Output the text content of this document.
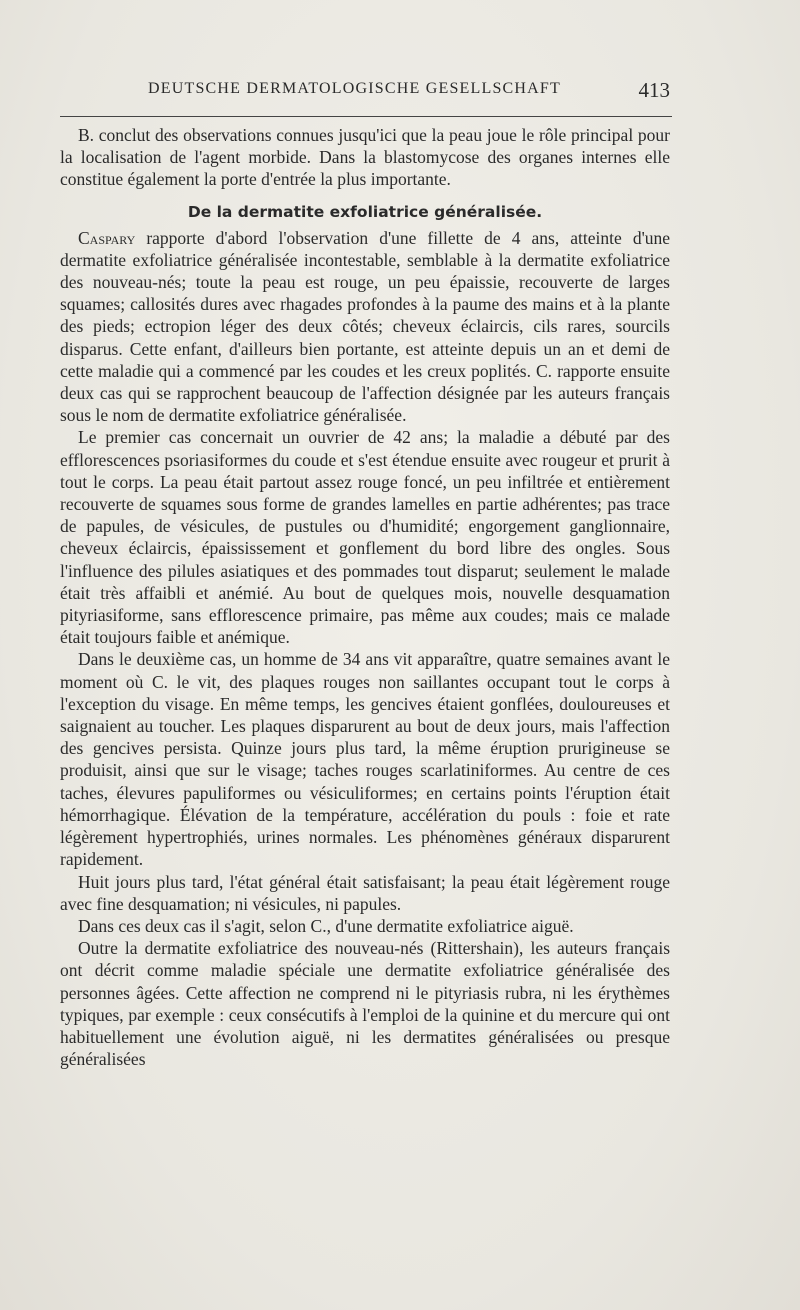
DEUTSCHE DERMATOLOGISCHE GESELLSCHAFT	413

B. conclut des observations connues jusqu'ici que la peau joue le rôle principal pour la localisation de l'agent morbide. Dans la blastomycose des organes internes elle constitue également la porte d'entrée la plus importante.

De la dermatite exfoliatrice généralisée.

Caspary rapporte d'abord l'observation d'une fillette de 4 ans, atteinte d'une dermatite exfoliatrice généralisée incontestable, semblable à la dermatite exfoliatrice des nouveau-nés; toute la peau est rouge, un peu épaissie, recouverte de larges squames; callosités dures avec rhagades profondes à la paume des mains et à la plante des pieds; ectropion léger des deux côtés; cheveux éclaircis, cils rares, sourcils disparus. Cette enfant, d'ailleurs bien portante, est atteinte depuis un an et demi de cette maladie qui a commencé par les coudes et les creux poplités. C. rapporte ensuite deux cas qui se rapprochent beaucoup de l'affection désignée par les auteurs français sous le nom de dermatite exfoliatrice généralisée.

Le premier cas concernait un ouvrier de 42 ans; la maladie a débuté par des efflorescences psoriasiformes du coude et s'est étendue ensuite avec rougeur et prurit à tout le corps. La peau était partout assez rouge foncé, un peu infiltrée et entièrement recouverte de squames sous forme de grandes lamelles en partie adhérentes; pas trace de papules, de vésicules, de pustules ou d'humidité; engorgement ganglionnaire, cheveux éclaircis, épaississement et gonflement du bord libre des ongles. Sous l'influence des pilules asiatiques et des pommades tout disparut; seulement le malade était très affaibli et anémié. Au bout de quelques mois, nouvelle desquamation pityriasiforme, sans efflorescence primaire, pas même aux coudes; mais ce malade était toujours faible et anémique.

Dans le deuxième cas, un homme de 34 ans vit apparaître, quatre semaines avant le moment où C. le vit, des plaques rouges non saillantes occupant tout le corps à l'exception du visage. En même temps, les gencives étaient gonflées, douloureuses et saignaient au toucher. Les plaques disparurent au bout de deux jours, mais l'affection des gencives persista. Quinze jours plus tard, la même éruption prurigineuse se produisit, ainsi que sur le visage; taches rouges scarlatiniformes. Au centre de ces taches, élevures papuliformes ou vésiculiformes; en certains points l'éruption était hémorrhagique. Élévation de la température, accélération du pouls : foie et rate légèrement hypertrophiés, urines normales. Les phénomènes généraux disparurent rapidement.

Huit jours plus tard, l'état général était satisfaisant; la peau était légèrement rouge avec fine desquamation; ni vésicules, ni papules.

Dans ces deux cas il s'agit, selon C., d'une dermatite exfoliatrice aiguë.

Outre la dermatite exfoliatrice des nouveau-nés (Rittershain), les auteurs français ont décrit comme maladie spéciale une dermatite exfoliatrice généralisée des personnes âgées. Cette affection ne comprend ni le pityriasis rubra, ni les érythèmes typiques, par exemple : ceux consécutifs à l'emploi de la quinine et du mercure qui ont habituellement une évolution aiguë, ni les dermatites généralisées ou presque généralisées
